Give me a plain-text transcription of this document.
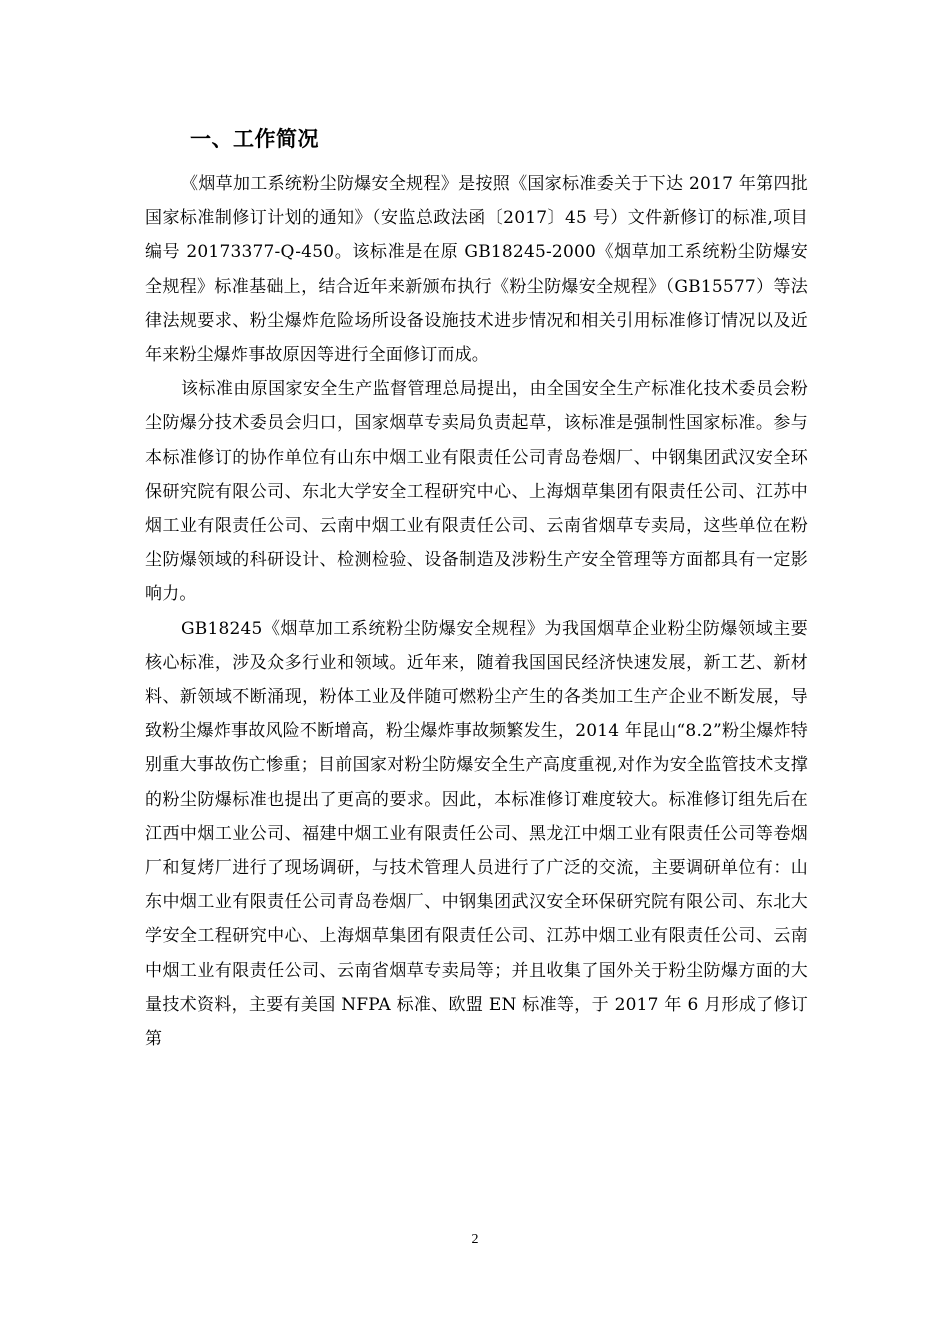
一、工作简况

《烟草加工系统粉尘防爆安全规程》是按照《国家标准委关于下达 2017 年第四批国家标准制修订计划的通知》（安监总政法函〔2017〕45 号）文件新修订的标准,项目编号 20173377-Q-450。该标准是在原 GB18245-2000《烟草加工系统粉尘防爆安全规程》标准基础上，结合近年来新颁布执行《粉尘防爆安全规程》（GB15577）等法律法规要求、粉尘爆炸危险场所设备设施技术进步情况和相关引用标准修订情况以及近年来粉尘爆炸事故原因等进行全面修订而成。

该标准由原国家安全生产监督管理总局提出，由全国安全生产标准化技术委员会粉尘防爆分技术委员会归口，国家烟草专卖局负责起草，该标准是强制性国家标准。参与本标准修订的协作单位有山东中烟工业有限责任公司青岛卷烟厂、中钢集团武汉安全环保研究院有限公司、东北大学安全工程研究中心、上海烟草集团有限责任公司、江苏中烟工业有限责任公司、云南中烟工业有限责任公司、云南省烟草专卖局，这些单位在粉尘防爆领域的科研设计、检测检验、设备制造及涉粉生产安全管理等方面都具有一定影响力。

GB18245《烟草加工系统粉尘防爆安全规程》为我国烟草企业粉尘防爆领域主要核心标准，涉及众多行业和领域。近年来，随着我国国民经济快速发展，新工艺、新材料、新领域不断涌现，粉体工业及伴随可燃粉尘产生的各类加工生产企业不断发展，导致粉尘爆炸事故风险不断增高，粉尘爆炸事故频繁发生，2014 年昆山“8.2”粉尘爆炸特别重大事故伤亡惨重；目前国家对粉尘防爆安全生产高度重视,对作为安全监管技术支撑的粉尘防爆标准也提出了更高的要求。因此，本标准修订难度较大。标准修订组先后在江西中烟工业公司、福建中烟工业有限责任公司、黑龙江中烟工业有限责任公司等卷烟厂和复烤厂进行了现场调研，与技术管理人员进行了广泛的交流，主要调研单位有：山东中烟工业有限责任公司青岛卷烟厂、中钢集团武汉安全环保研究院有限公司、东北大学安全工程研究中心、上海烟草集团有限责任公司、江苏中烟工业有限责任公司、云南中烟工业有限责任公司、云南省烟草专卖局等；并且收集了国外关于粉尘防爆方面的大量技术资料，主要有美国 NFPA 标准、欧盟 EN 标准等，于 2017 年 6 月形成了修订第

2
